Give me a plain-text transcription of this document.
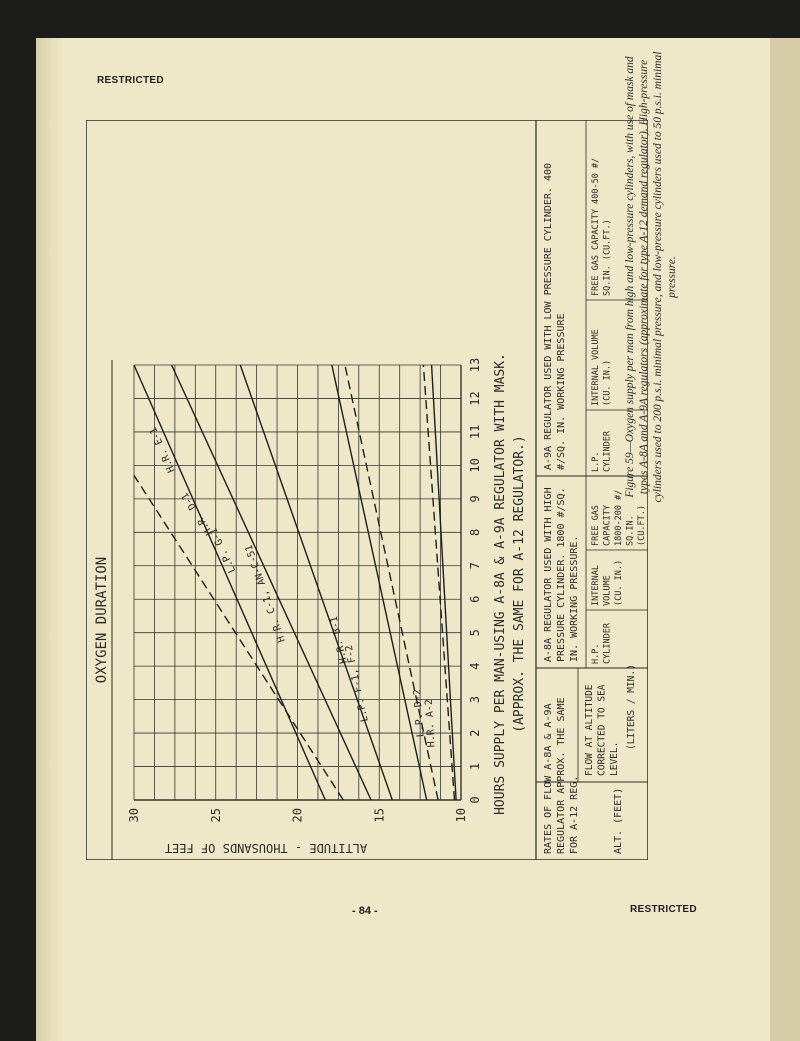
RESTRICTED
RESTRICTED
- 84 -
OXYGEN DURATION
0
1
2
3
4
5
6
7
8
9
10
11
12
13
10
15
20
25
30
H.R. E-1
H.R. D-1
L.P. G-1 H.R. C-1, AN-C-51	H.R. B-1
L.P. F-1, F-2	L.P. D-2
H.R. A-2
ALTITUDE - THOUSANDS OF FEET
HOURS SUPPLY PER MAN-USING A-8A & A-9A REGULATOR WITH MASK. (APPROX. THE SAME FOR A-12 REGULATOR.)
RATES OF FLOW A-8A & A-9A REGULATOR APPROX. THE SAME FOR A-12 REG.
FLOW AT ALTITUDE CORRECTED TO SEA LEVEL.
(LITERS / MIN.)
ALT. (FEET)
A-8A REGULATOR USED WITH HIGH PRESSURE CYLINDER. 1800 #/SQ. IN. WORKING PRESSURE.
A-9A REGULATOR USED WITH LOW PRESSURE CYLINDER. 400 #/SQ. IN. WORKING PRESSURE
H.P. CYLINDER
INTERNAL VOLUME (CU. IN.)
FREE GAS CAPACITY 1800-200 #/ SQ.IN. (CU.FT.)
L.P. CYLINDER
INTERNAL VOLUME (CU. IN.)
FREE GAS CAPACITY 400-50 #/ SQ.IN. (CU.FT.) Figure 59—Oxygen supply per man from high and low-pressure cylinders, with use of mask and types A-8A and A-9A regulators (approximate for type A-12 demand regulator). High-pressure cylinders used to 200 p.s.i. minimal pressure, and low-pressure cylinders used to 50 p.s.i. minimal pressure.
